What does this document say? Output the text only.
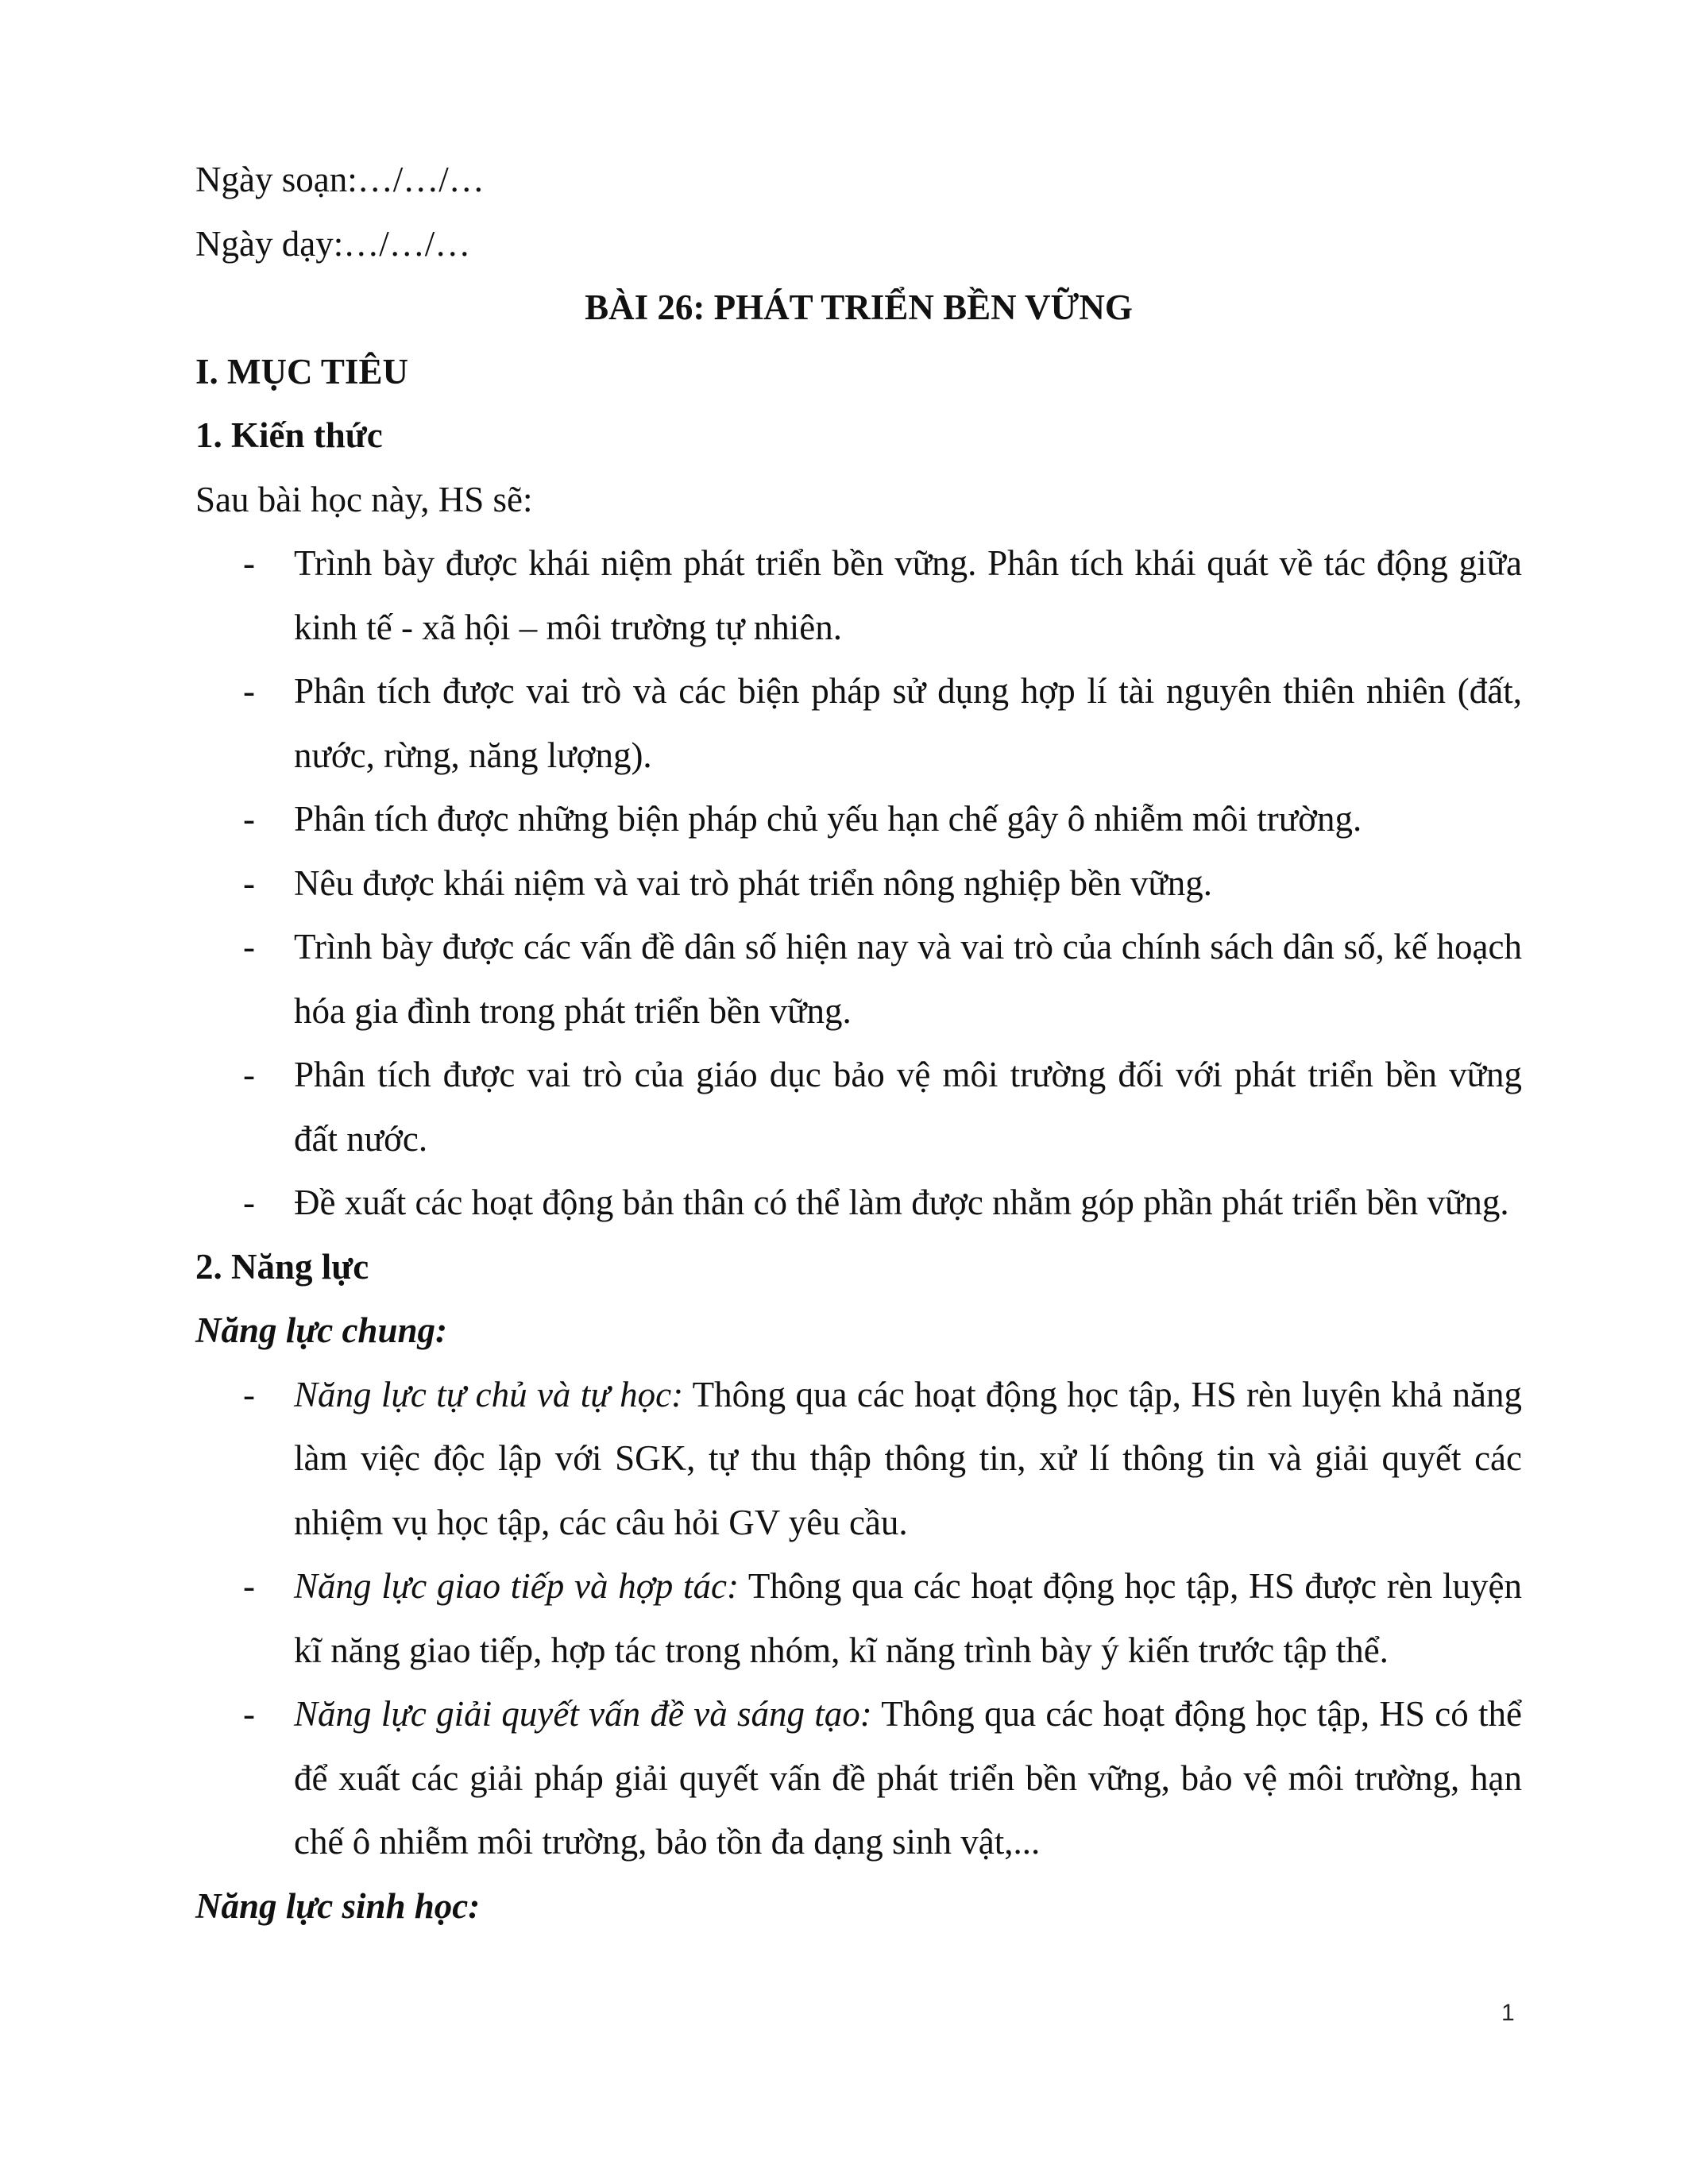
Ngày soạn:…/…/…

Ngày dạy:…/…/…

BÀI 26: PHÁT TRIỂN BỀN VỮNG

I. MỤC TIÊU

1. Kiến thức

Sau bài học này, HS sẽ:

- Trình bày được khái niệm phát triển bền vững. Phân tích khái quát về tác động giữa kinh tế - xã hội – môi trường tự nhiên.
- Phân tích được vai trò và các biện pháp sử dụng hợp lí tài nguyên thiên nhiên (đất, nước, rừng, năng lượng).
- Phân tích được những biện pháp chủ yếu hạn chế gây ô nhiễm môi trường.
- Nêu được khái niệm và vai trò phát triển nông nghiệp bền vững.
- Trình bày được các vấn đề dân số hiện nay và vai trò của chính sách dân số, kế hoạch hóa gia đình trong phát triển bền vững.
- Phân tích được vai trò của giáo dục bảo vệ môi trường đối với phát triển bền vững đất nước.
- Đề xuất các hoạt động bản thân có thể làm được nhằm góp phần phát triển bền vững.

2. Năng lực

Năng lực chung:

- Năng lực tự chủ và tự học: Thông qua các hoạt động học tập, HS rèn luyện khả năng làm việc độc lập với SGK, tự thu thập thông tin, xử lí thông tin và giải quyết các nhiệm vụ học tập, các câu hỏi GV yêu cầu.
- Năng lực giao tiếp và hợp tác: Thông qua các hoạt động học tập, HS được rèn luyện kĩ năng giao tiếp, hợp tác trong nhóm, kĩ năng trình bày ý kiến trước tập thể.
- Năng lực giải quyết vấn đề và sáng tạo: Thông qua các hoạt động học tập, HS có thể để xuất các giải pháp giải quyết vấn đề phát triển bền vững, bảo vệ môi trường, hạn chế ô nhiễm môi trường, bảo tồn đa dạng sinh vật,...

Năng lực sinh học:

1
